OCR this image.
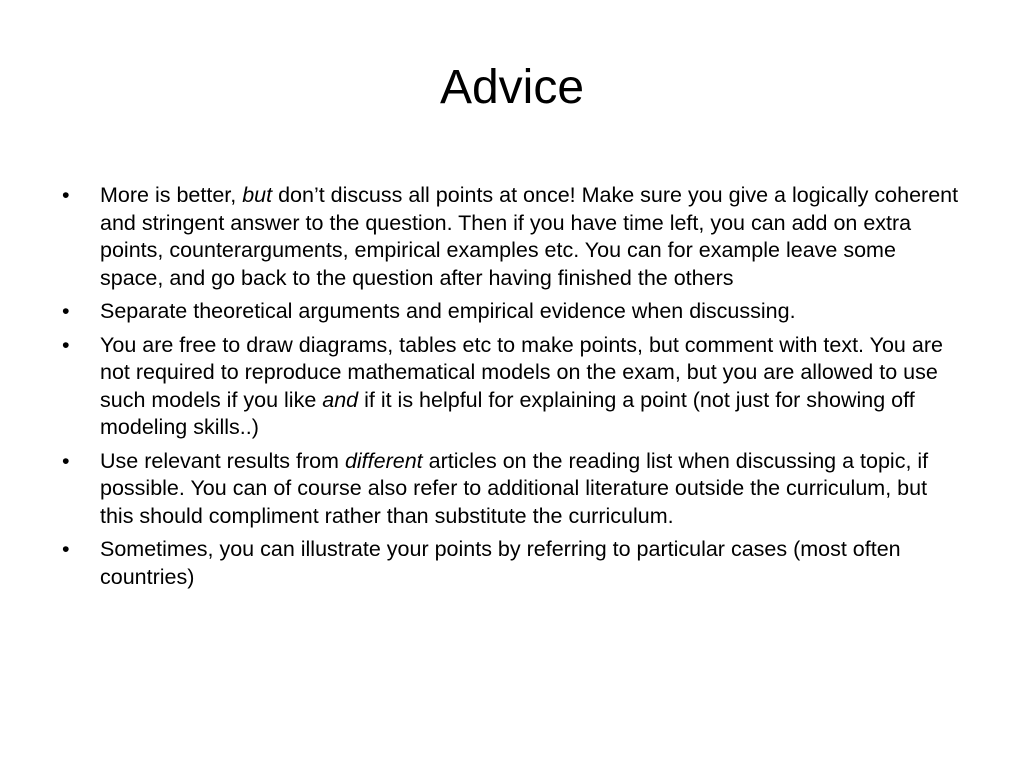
Advice
• More is better, but don’t discuss all points at once! Make sure you give a logically coherent and stringent answer to the question. Then if you have time left, you can add on extra points, counterarguments, empirical examples etc. You can for example leave some space, and go back to the question after having finished the others
• Separate theoretical arguments and empirical evidence when discussing.
• You are free to draw diagrams, tables etc to make points, but comment with text. You are not required to reproduce mathematical models on the exam, but you are allowed to use such models if you like and if it is helpful for explaining a point (not just for showing off modeling skills..)
• Use relevant results from different articles on the reading list when discussing a topic, if possible. You can of course also refer to additional literature outside the curriculum, but this should compliment rather than substitute the curriculum.
• Sometimes, you can illustrate your points by referring to particular cases (most often countries)
